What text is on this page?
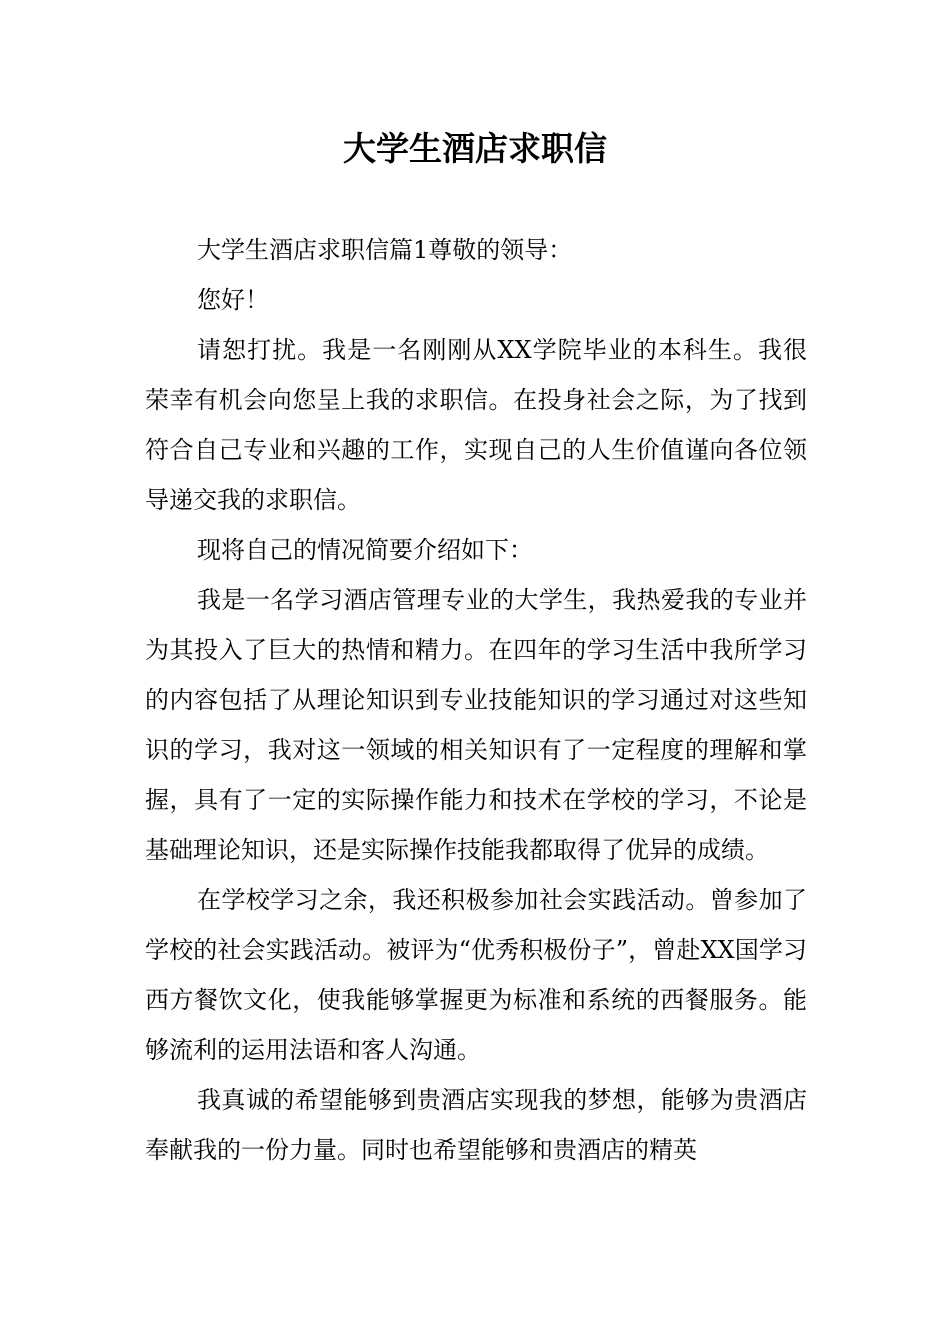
大学生酒店求职信

大学生酒店求职信篇1尊敬的领导：

您好！

请恕打扰。我是一名刚刚从XX学院毕业的本科生。我很荣幸有机会向您呈上我的求职信。在投身社会之际，为了找到符合自己专业和兴趣的工作，实现自己的人生价值谨向各位领导递交我的求职信。

现将自己的情况简要介绍如下：

我是一名学习酒店管理专业的大学生，我热爱我的专业并为其投入了巨大的热情和精力。在四年的学习生活中我所学习的内容包括了从理论知识到专业技能知识的学习通过对这些知识的学习，我对这一领域的相关知识有了一定程度的理解和掌握，具有了一定的实际操作能力和技术在学校的学习，不论是基础理论知识，还是实际操作技能我都取得了优异的成绩。

在学校学习之余，我还积极参加社会实践活动。曾参加了学校的社会实践活动。被评为“优秀积极份子”，曾赴XX国学习西方餐饮文化，使我能够掌握更为标准和系统的西餐服务。能够流利的运用法语和客人沟通。

我真诚的希望能够到贵酒店实现我的梦想，能够为贵酒店奉献我的一份力量。同时也希望能够和贵酒店的精英
